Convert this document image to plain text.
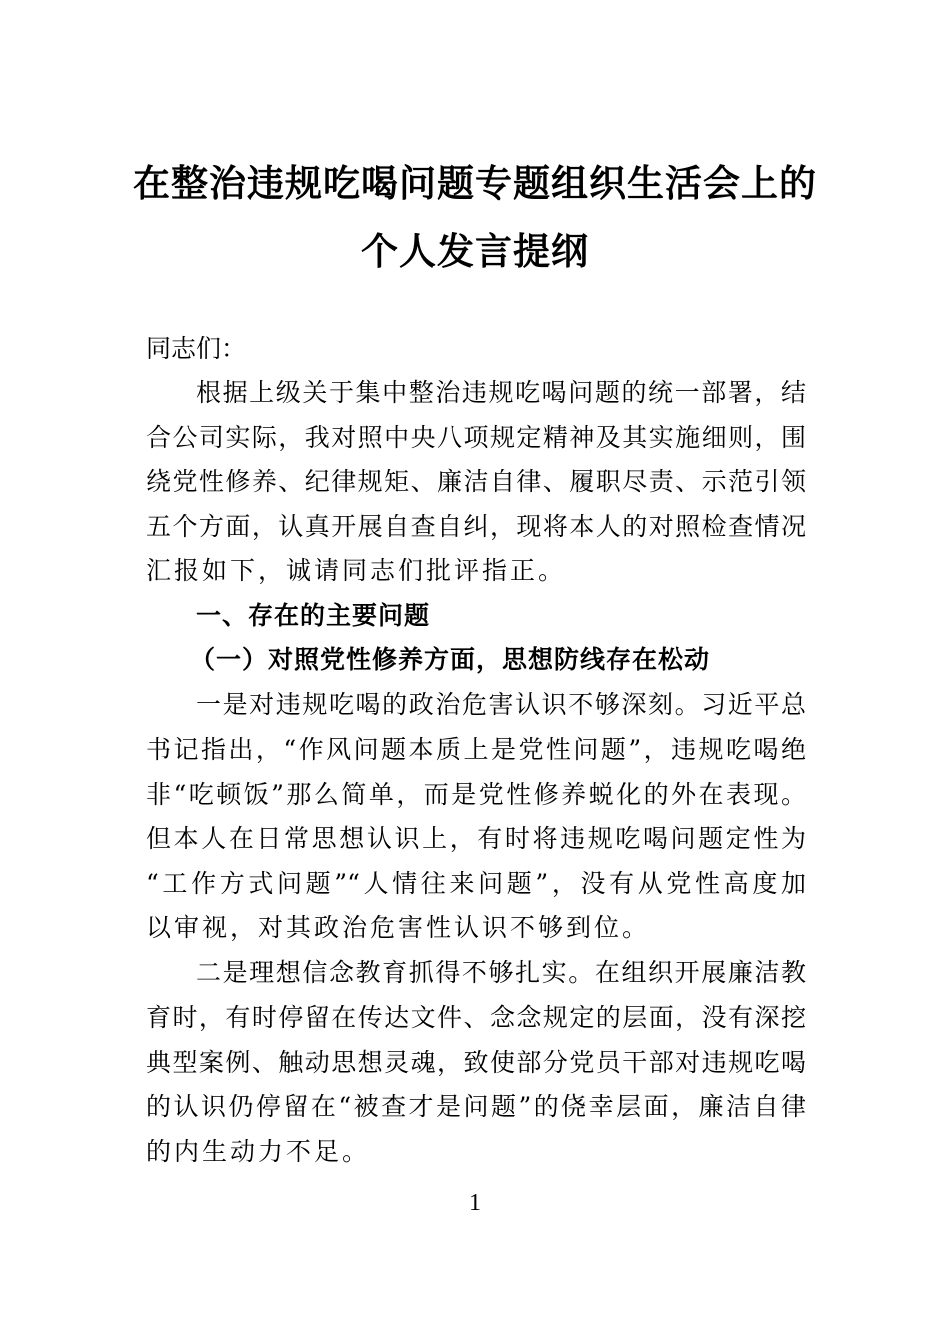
在整治违规吃喝问题专题组织生活会上的
个人发言提纲
同志们：
根据上级关于集中整治违规吃喝问题的统一部署，结
合公司实际，我对照中央八项规定精神及其实施细则，围
绕党性修养、纪律规矩、廉洁自律、履职尽责、示范引领
五个方面，认真开展自查自纠，现将本人的对照检查情况
汇报如下，诚请同志们批评指正。
一、存在的主要问题
（一）对照党性修养方面，思想防线存在松动
一是对违规吃喝的政治危害认识不够深刻。习近平总
书记指出，“作风问题本质上是党性问题”，违规吃喝绝
非“吃顿饭”那么简单，而是党性修养蜕化的外在表现。
但本人在日常思想认识上，有时将违规吃喝问题定性为
“工作方式问题”“人情往来问题”，没有从党性高度加
以审视，对其政治危害性认识不够到位。
二是理想信念教育抓得不够扎实。在组织开展廉洁教
育时，有时停留在传达文件、念念规定的层面，没有深挖
典型案例、触动思想灵魂，致使部分党员干部对违规吃喝
的认识仍停留在“被查才是问题”的侥幸层面，廉洁自律
的内生动力不足。
1
